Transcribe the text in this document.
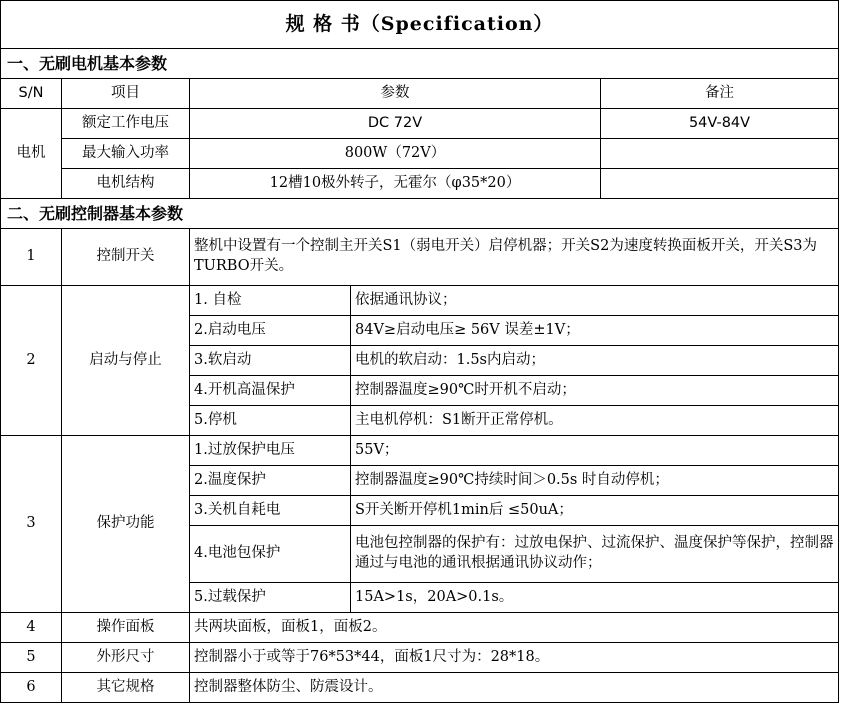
规 格 书（Specification）				
一、无刷电机基本参数				
S/N	项目	参数		备注
电机	额定工作电压	DC 72V		54V-84V
	最大输入功率	800W（72V）		
	电机结构	12槽10极外转子，无霍尔（φ35*20）		
二、无刷控制器基本参数				
1	控制开关	整机中设置有一个控制主开关S1（弱电开关）启停机器；开关S2为速度转换面板开关，开关S3为TURBO开关。		
2	启动与停止	1. 自检	依据通讯协议；	
		2.启动电压	84V≥启动电压≥ 56V 误差±1V；	
		3.软启动	电机的软启动：1.5s内启动；	
		4.开机高温保护	控制器温度≥90℃时开机不启动；	
		5.停机	主电机停机：S1断开正常停机。	
3	保护功能	1.过放保护电压	55V；	
		2.温度保护	控制器温度≥90℃持续时间＞0.5s 时自动停机；	
		3.关机自耗电	S开关断开停机1min后 ≤50uA；	
		4.电池包保护	电池包控制器的保护有：过放电保护、过流保护、温度保护等保护，控制器通过与电池的通讯根据通讯协议动作；	
		5.过载保护	15A>1s，20A>0.1s。	
4	操作面板	共两块面板，面板1，面板2。		
5	外形尺寸	控制器小于或等于76*53*44，面板1尺寸为：28*18。		
6	其它规格	控制器整体防尘、防震设计。		
